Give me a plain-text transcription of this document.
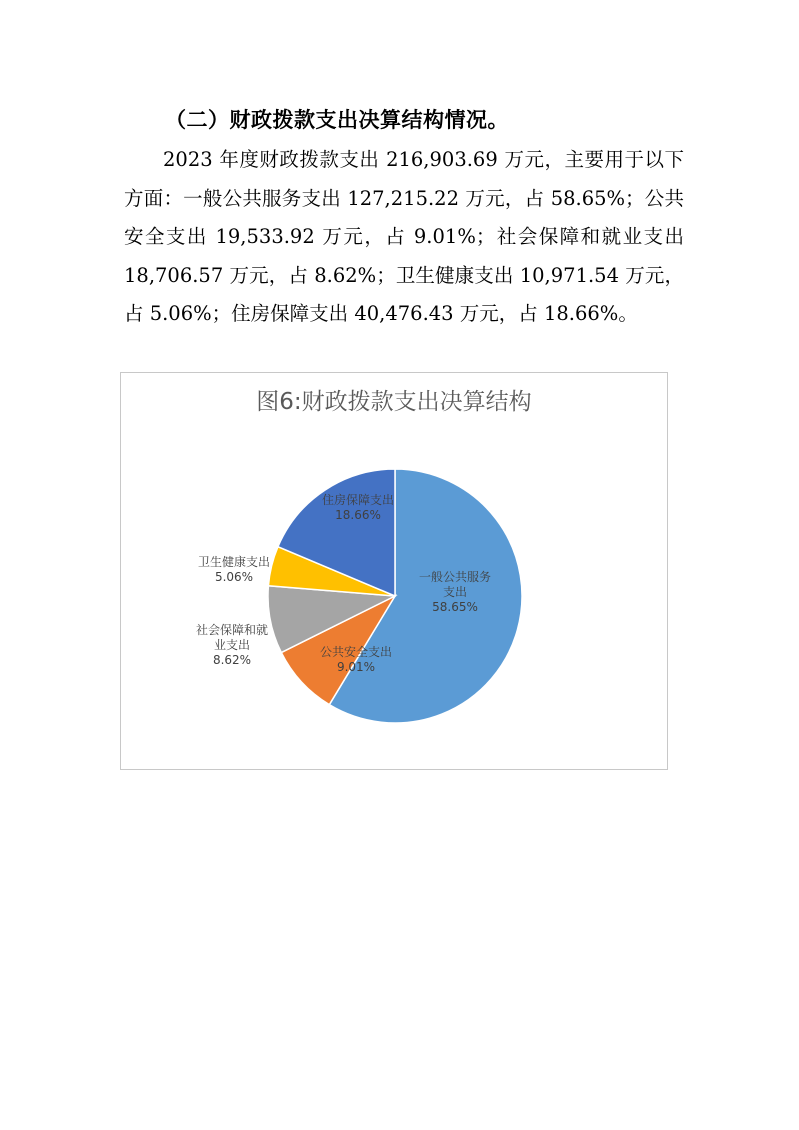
（二）财政拨款支出决算结构情况。
2023 年度财政拨款支出 216,903.69 万元，主要用于以下方面：一般公共服务支出 127,215.22 万元，占 58.65%；公共安全支出 19,533.92 万元，占 9.01%；社会保障和就业支出 18,706.57 万元，占 8.62%；卫生健康支出 10,971.54 万元，占 5.06%；住房保障支出 40,476.43 万元，占 18.66%。
图6:财政拨款支出决算结构
一般公共服务
支出
58.65%
公共安全支出
9.01%
社会保障和就
业支出
8.62%
卫生健康支出
5.06%
住房保障支出
18.66%
